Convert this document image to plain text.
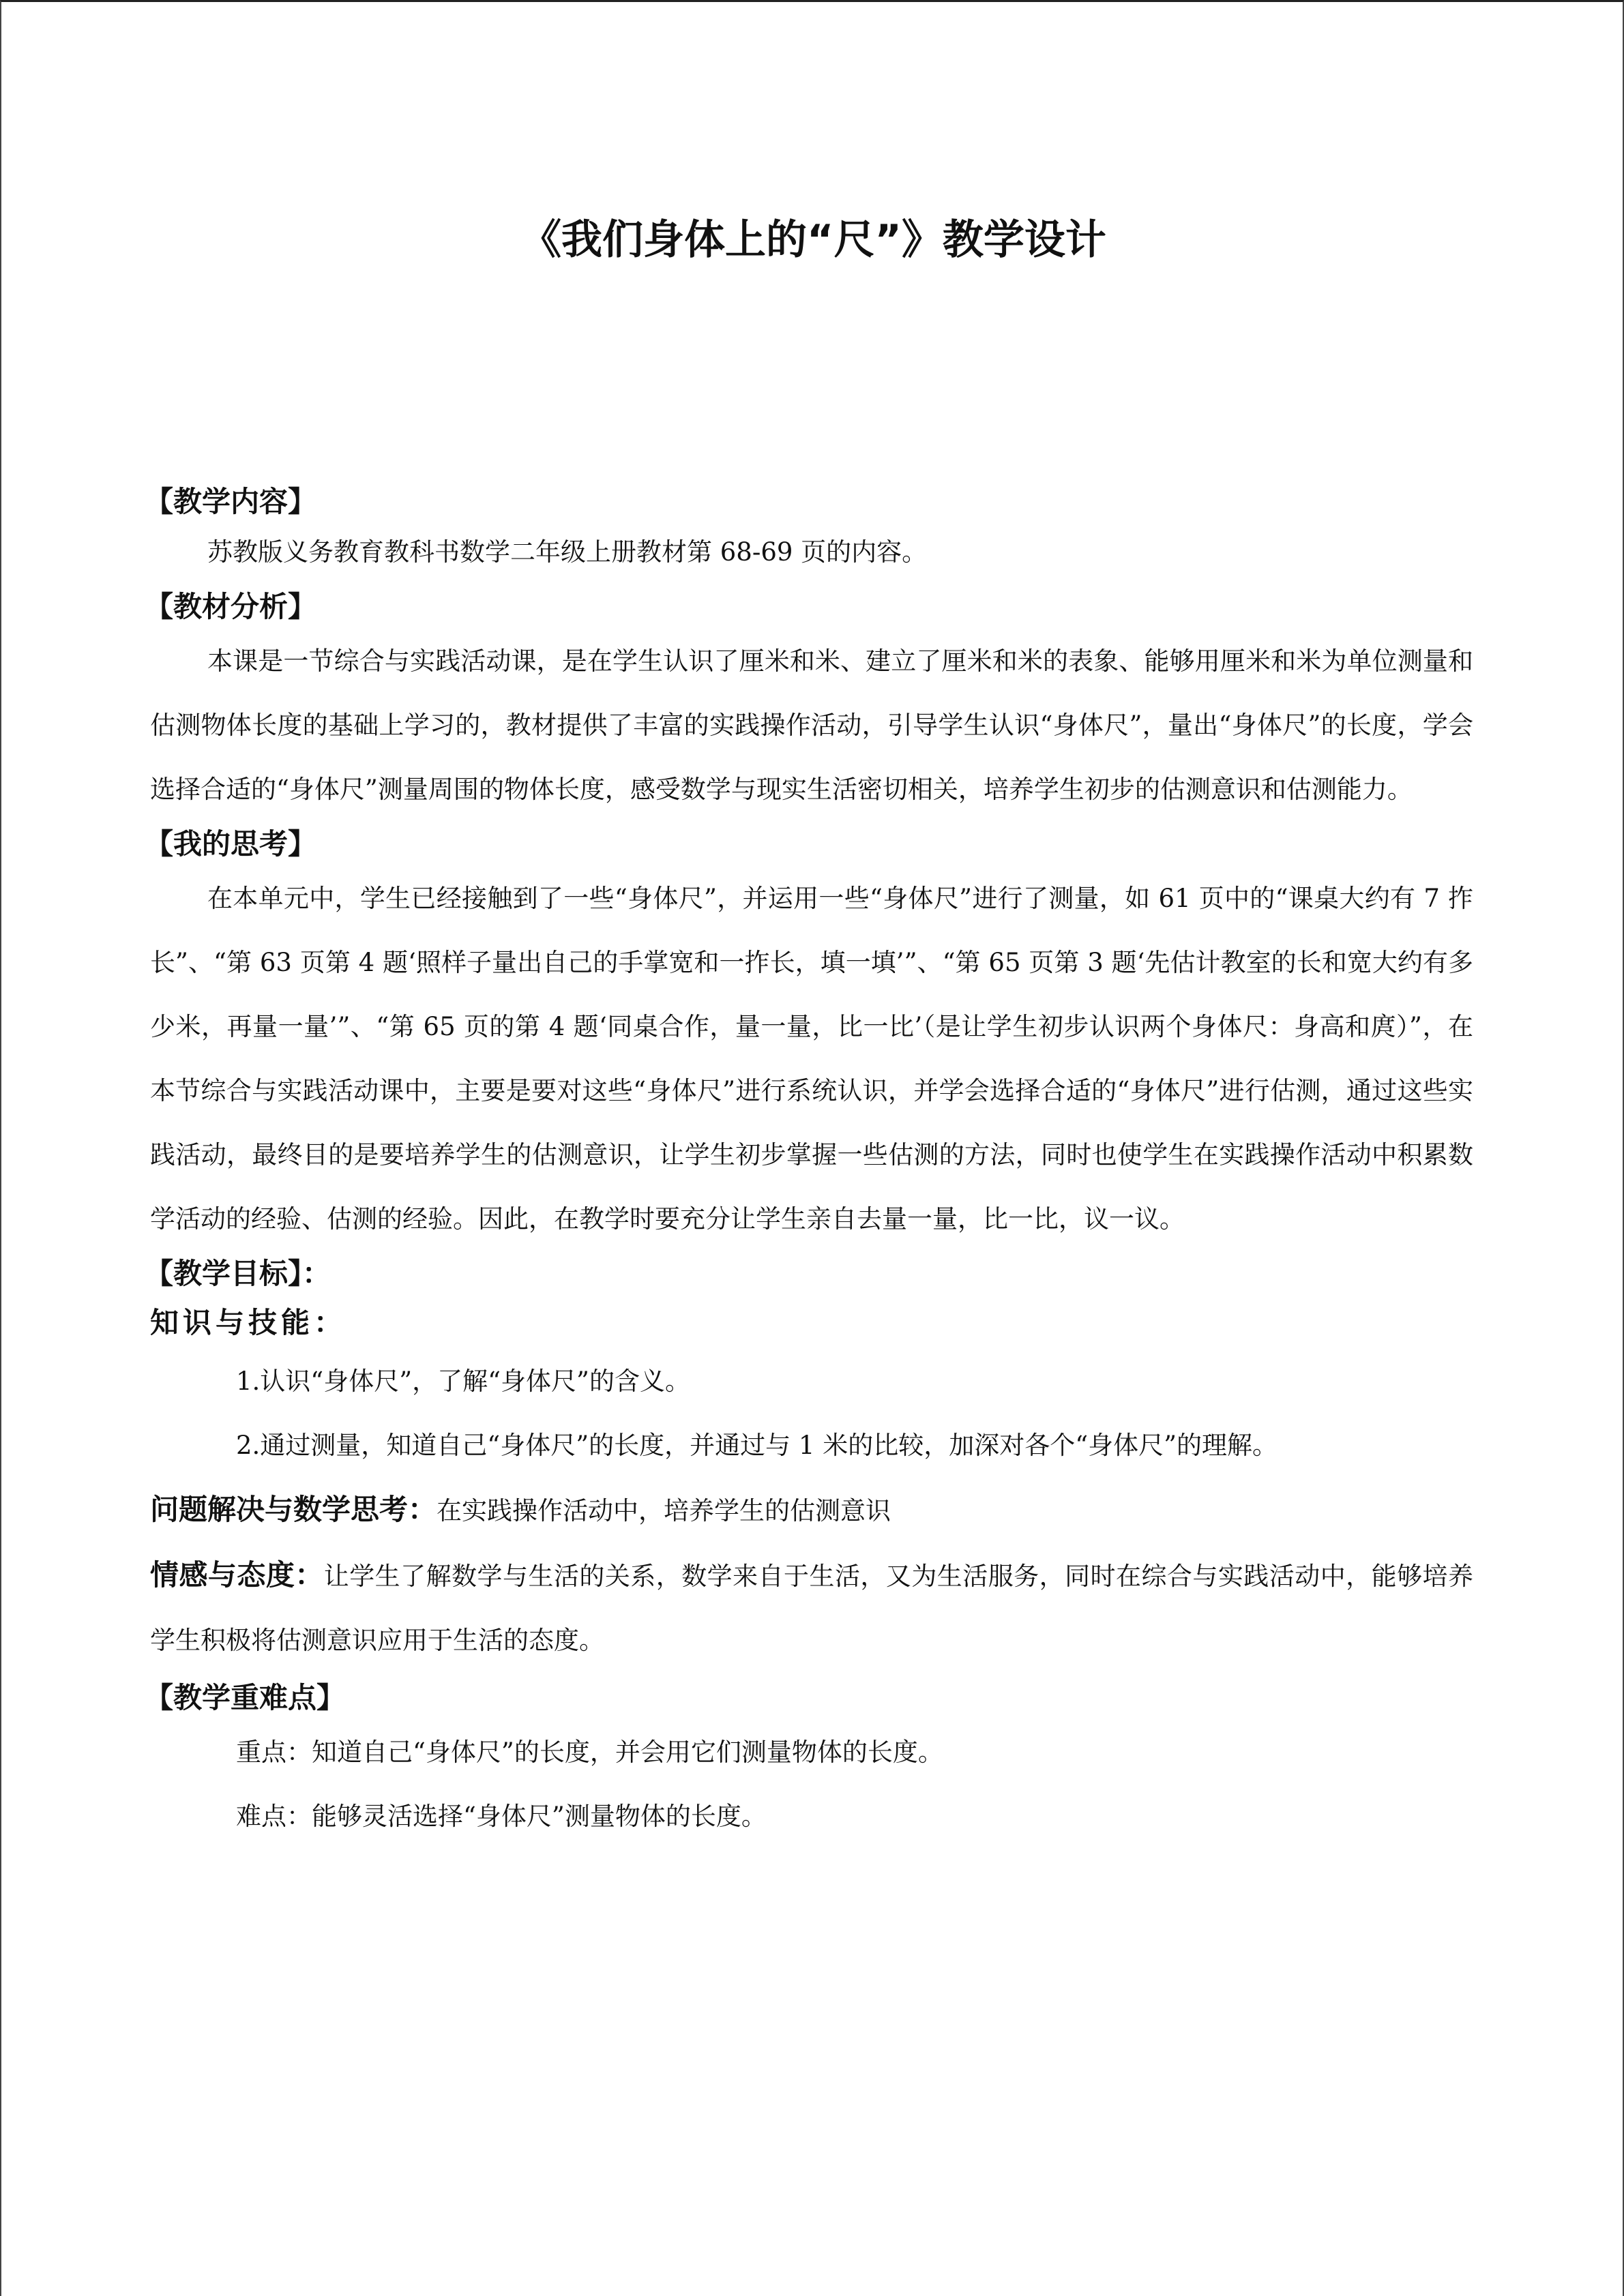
《我们身体上的“尺”》教学设计
【教学内容】

苏教版义务教育教科书数学二年级上册教材第 68-69 页的内容。

【教材分析】

本课是一节综合与实践活动课，是在学生认识了厘米和米、建立了厘米和米的表象、能够用厘米和米为单位测量和估测物体长度的基础上学习的，教材提供了丰富的实践操作活动，引导学生认识“身体尺”，量出“身体尺”的长度，学会选择合适的“身体尺”测量周围的物体长度，感受数学与现实生活密切相关，培养学生初步的估测意识和估测能力。

【我的思考】

在本单元中，学生已经接触到了一些“身体尺”，并运用一些“身体尺”进行了测量，如 61 页中的“课桌大约有 7 拃长”、“第 63 页第 4 题‘照样子量出自己的手掌宽和一拃长，填一填’”、“第 65 页第 3 题‘先估计教室的长和宽大约有多少米，再量一量’”、“第 65 页的第 4 题‘同桌合作，量一量，比一比’（是让学生初步认识两个身体尺：身高和庹）”，在本节综合与实践活动课中，主要是要对这些“身体尺”进行系统认识，并学会选择合适的“身体尺”进行估测，通过这些实践活动，最终目的是要培养学生的估测意识，让学生初步掌握一些估测的方法，同时也使学生在实践操作活动中积累数学活动的经验、估测的经验。因此，在教学时要充分让学生亲自去量一量，比一比，议一议。

【教学目标】：
知识与技能：
1.认识“身体尺”，了解“身体尺”的含义。
2.通过测量，知道自己“身体尺”的长度，并通过与 1 米的比较，加深对各个“身体尺”的理解。

问题解决与数学思考：在实践操作活动中，培养学生的估测意识

情感与态度：让学生了解数学与生活的关系，数学来自于生活，又为生活服务，同时在综合与实践活动中，能够培养学生积极将估测意识应用于生活的态度。

【教学重难点】
重点：知道自己“身体尺”的长度，并会用它们测量物体的长度。
难点：能够灵活选择“身体尺”测量物体的长度。
